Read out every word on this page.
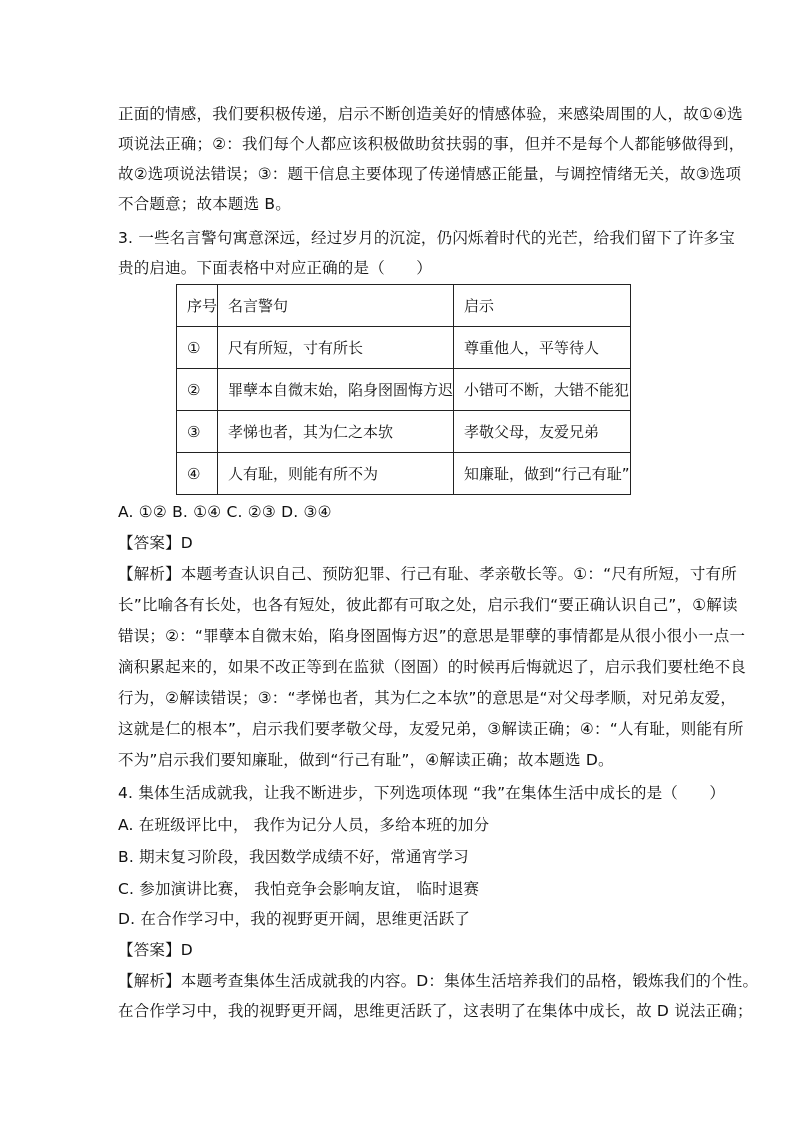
正面的情感，我们要积极传递，启示不断创造美好的情感体验，来感染周围的人，故①④选
项说法正确；②：我们每个人都应该积极做助贫扶弱的事，但并不是每个人都能够做得到，
故②选项说法错误；③：题干信息主要体现了传递情感正能量，与调控情绪无关，故③选项
不合题意；故本题选 B。
3. 一些名言警句寓意深远，经过岁月的沉淀，仍闪烁着时代的光芒，给我们留下了许多宝
贵的启迪。下面表格中对应正确的是（　　）
序号	名言警句	启示
①	尺有所短，寸有所长	尊重他人，平等待人
②	罪孽本自微末始，陷身囹圄悔方迟	小错可不断，大错不能犯
③	孝悌也者，其为仁之本欤	孝敬父母，友爱兄弟
④	人有耻，则能有所不为	知廉耻，做到“行己有耻”
A. ①② B. ①④ C. ②③ D. ③④
【答案】D
【解析】本题考查认识自己、预防犯罪、行己有耻、孝亲敬长等。①：“尺有所短，寸有所
长”比喻各有长处，也各有短处，彼此都有可取之处，启示我们“要正确认识自己”，①解读
错误；②：“罪孽本自微末始，陷身囹圄悔方迟”的意思是罪孽的事情都是从很小很小一点一
滴积累起来的，如果不改正等到在监狱（囹圄）的时候再后悔就迟了，启示我们要杜绝不良
行为，②解读错误；③：“孝悌也者，其为仁之本欤”的意思是“对父母孝顺，对兄弟友爱，
这就是仁的根本”，启示我们要孝敬父母，友爱兄弟，③解读正确；④：“人有耻，则能有所
不为”启示我们要知廉耻，做到“行己有耻”，④解读正确；故本题选 D。
4. 集体生活成就我，让我不断进步，下列选项体现 “我”在集体生活中成长的是（　　）
A. 在班级评比中， 我作为记分人员，多给本班的加分
B. 期末复习阶段，我因数学成绩不好，常通宵学习
C. 参加演讲比赛， 我怕竞争会影响友谊， 临时退赛
D. 在合作学习中，我的视野更开阔，思维更活跃了
【答案】D
【解析】本题考查集体生活成就我的内容。D：集体生活培养我们的品格，锻炼我们的个性。
在合作学习中，我的视野更开阔，思维更活跃了，这表明了在集体中成长，故 D 说法正确；
